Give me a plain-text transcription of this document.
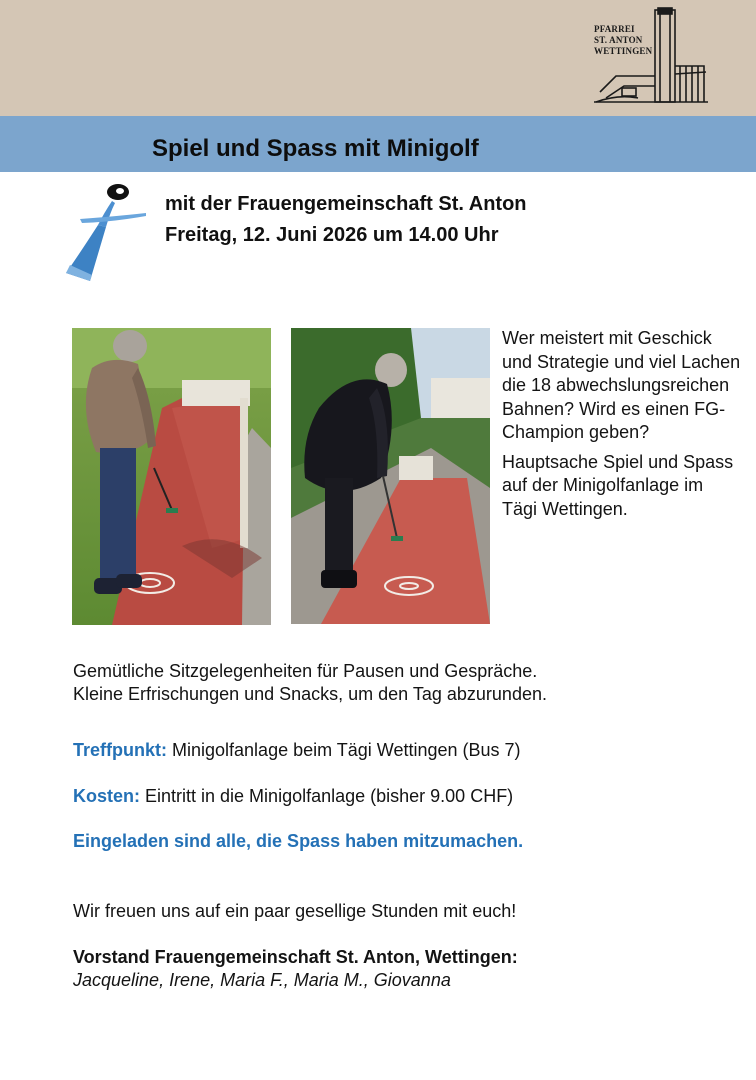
PFARREI
ST. ANTON
WETTINGEN
Spiel und Spass mit Minigolf
mit der Frauengemeinschaft St. Anton
Freitag, 12. Juni 2026 um 14.00 Uhr

Wer meistert mit Geschick und Strategie und viel Lachen die 18 abwechslungsreichen Bahnen? Wird es einen FG-Champion geben?

Hauptsache Spiel und Spass auf der Minigolfanlage im Tägi Wettingen.

Gemütliche Sitzgelegenheiten für Pausen und Gespräche.
Kleine Erfrischungen und Snacks, um den Tag abzurunden.
Treffpunkt: Minigolfanlage beim Tägi Wettingen (Bus 7)
Kosten: Eintritt in die Minigolfanlage (bisher 9.00 CHF)
Eingeladen sind alle, die Spass haben mitzumachen.
Wir freuen uns auf ein paar gesellige Stunden mit euch!
Vorstand Frauengemeinschaft St. Anton, Wettingen:
Jacqueline, Irene, Maria F., Maria M., Giovanna
